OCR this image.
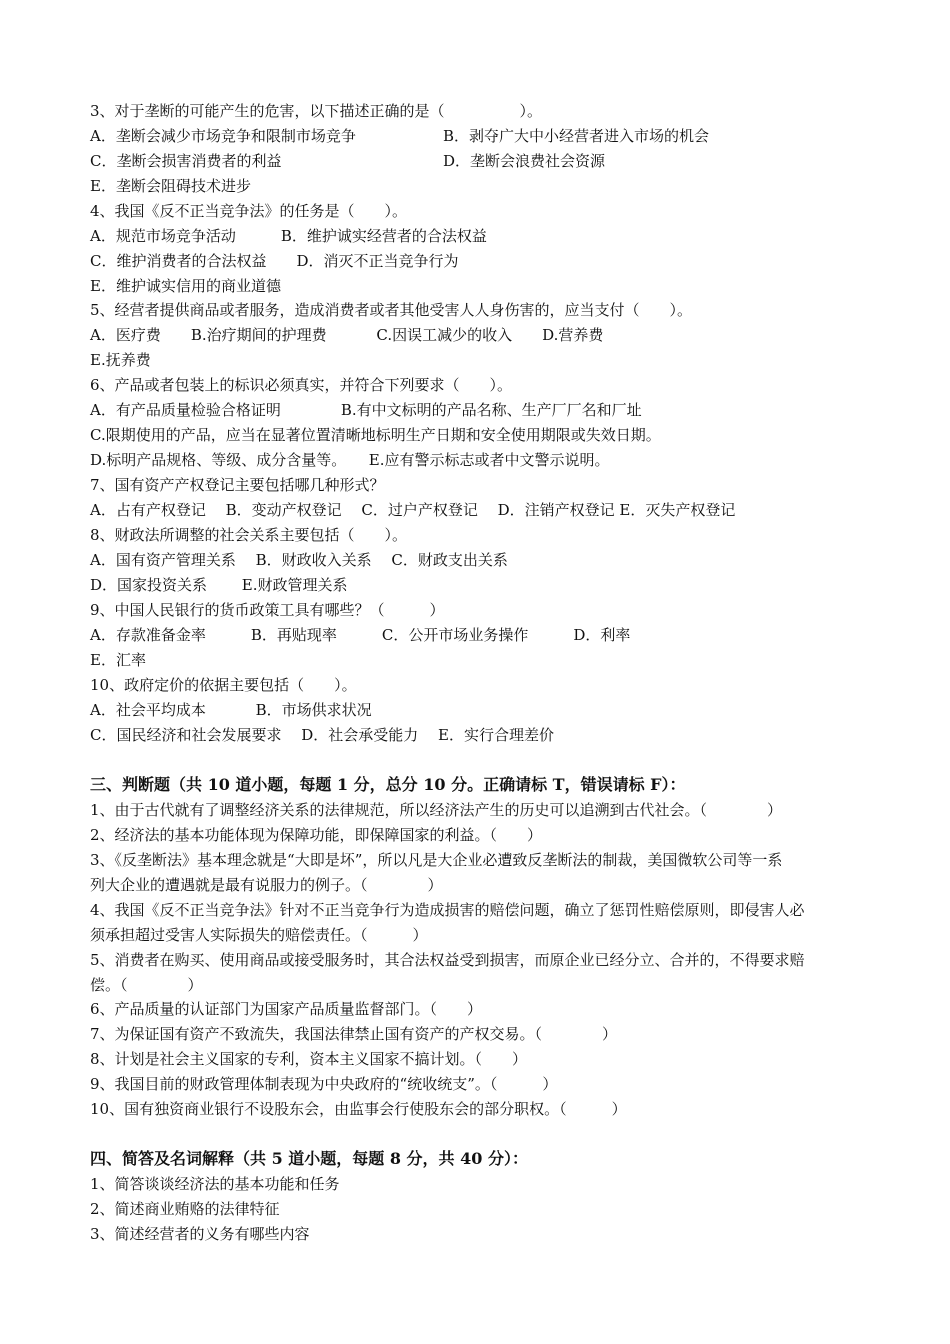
3、对于垄断的可能产生的危害，以下描述正确的是（　　　　　）。
A．垄断会减少市场竞争和限制市场竞争	B．剥夺广大中小经营者进入市场的机会
C．垄断会损害消费者的利益	D．垄断会浪费社会资源
E．垄断会阻碍技术进步
4、我国《反不正当竞争法》的任务是（　　）。
A．规范市场竞争活动　　　B．维护诚实经营者的合法权益
C．维护消费者的合法权益　　D．消灭不正当竞争行为
E．维护诚实信用的商业道德
5、经营者提供商品或者服务，造成消费者或者其他受害人人身伤害的，应当支付（　　）。
A．医疗费　　B.治疗期间的护理费　　　 C.因误工减少的收入　　D.营养费
E.抚养费
6、产品或者包装上的标识必须真实，并符合下列要求（　　）。
A．有产品质量检验合格证明　　　　B.有中文标明的产品名称、生产厂厂名和厂址
C.限期使用的产品，应当在显著位置清晰地标明生产日期和安全使用期限或失效日期。
D.标明产品规格、等级、成分含量等。　　E.应有警示标志或者中文警示说明。
7、国有资产产权登记主要包括哪几种形式？
A．占有产权登记　 B．变动产权登记　 C．过户产权登记　 D．注销产权登记 E．灭失产权登记
8、财政法所调整的社会关系主要包括（　　）。
A．国有资产管理关系　 B．财政收入关系　 C．财政支出关系
D．国家投资关系　　 E.财政管理关系
9、中国人民银行的货币政策工具有哪些？（　　　）
A．存款准备金率　　　B．再贴现率　　　C．公开市场业务操作　　　D．利率
E．汇率
10、政府定价的依据主要包括（　　）。
A．社会平均成本　　　 B．市场供求状况
C．国民经济和社会发展要求　 D．社会承受能力　 E．实行合理差价
三、判断题（共 10 道小题，每题 1 分，总分 10 分。正确请标 T，错误请标 F）：
1、由于古代就有了调整经济关系的法律规范，所以经济法产生的历史可以追溯到古代社会。（　　　　）
2、经济法的基本功能体现为保障功能，即保障国家的利益。（　　）
3、《反垄断法》基本理念就是“大即是坏”，所以凡是大企业必遭致反垄断法的制裁，美国微软公司等一系
列大企业的遭遇就是最有说服力的例子。（　　　　）
4、我国《反不正当竞争法》针对不正当竞争行为造成损害的赔偿问题，确立了惩罚性赔偿原则，即侵害人必
须承担超过受害人实际损失的赔偿责任。（　　　）
5、消费者在购买、使用商品或接受服务时，其合法权益受到损害，而原企业已经分立、合并的，不得要求赔
偿。（　　　　）
6、产品质量的认证部门为国家产品质量监督部门。（　　）
7、为保证国有资产不致流失，我国法律禁止国有资产的产权交易。（　　　　）
8、计划是社会主义国家的专利，资本主义国家不搞计划。（　　）
9、我国目前的财政管理体制表现为中央政府的“统收统支”。（　　　）
10、国有独资商业银行不设股东会，由监事会行使股东会的部分职权。（　　　）
四、简答及名词解释（共 5 道小题，每题 8 分，共 40 分）：
1、简答谈谈经济法的基本功能和任务
2、简述商业贿赂的法律特征
3、简述经营者的义务有哪些内容
